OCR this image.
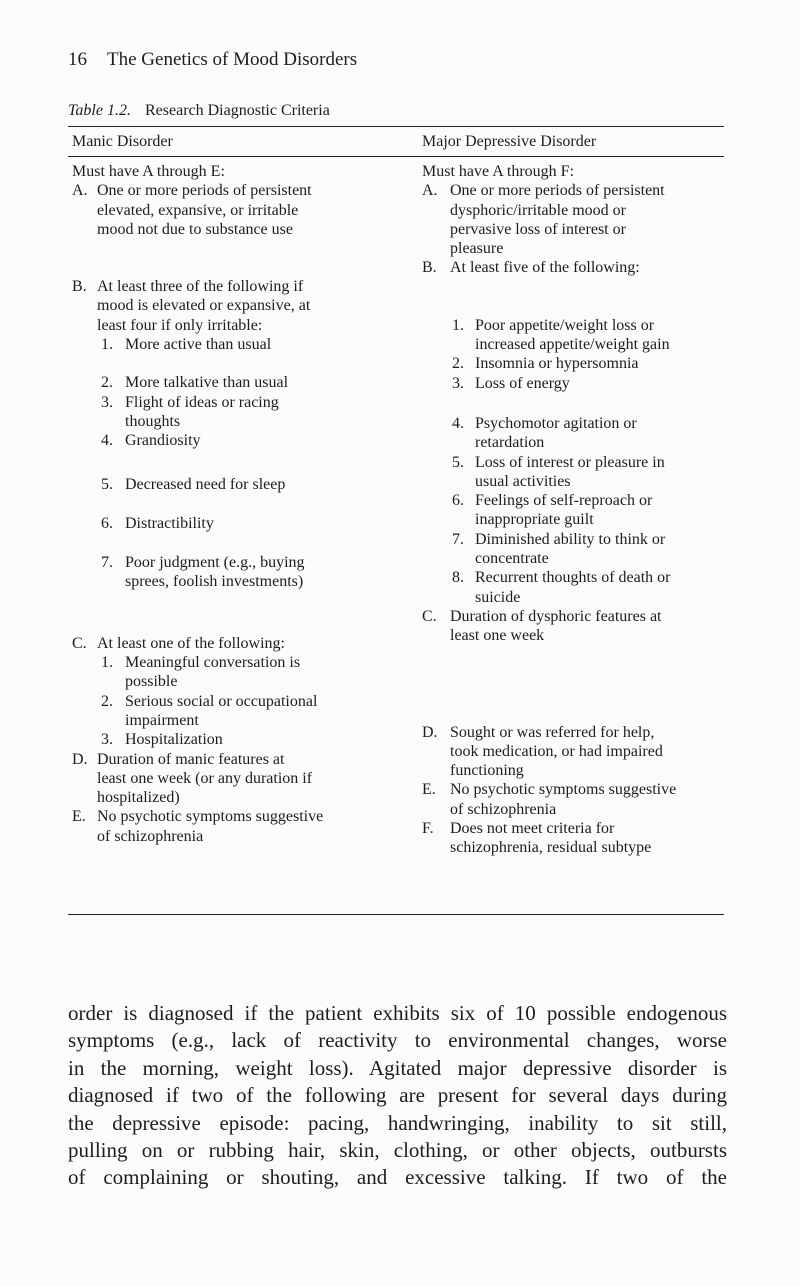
16 The Genetics of Mood Disorders
Table 1.2. Research Diagnostic Criteria
Manic Disorder	Major Depressive Disorder
Must have A through E:
A. One or more periods of persistent
elevated, expansive, or irritable
mood not due to substance use
B. At least three of the following if
mood is elevated or expansive, at
least four if only irritable:
1. More active than usual
2. More talkative than usual
3. Flight of ideas or racing
thoughts
4. Grandiosity
5. Decreased need for sleep
6. Distractibility
7. Poor judgment (e.g., buying
sprees, foolish investments)
C. At least one of the following:
1. Meaningful conversation is
possible
2. Serious social or occupational
impairment
3. Hospitalization
D. Duration of manic features at
least one week (or any duration if
hospitalized)
E. No psychotic symptoms suggestive
of schizophrenia
Must have A through F:
A. One or more periods of persistent
dysphoric/irritable mood or
pervasive loss of interest or
pleasure
B. At least five of the following:
1. Poor appetite/weight loss or
increased appetite/weight gain
2. Insomnia or hypersomnia
3. Loss of energy
4. Psychomotor agitation or
retardation
5. Loss of interest or pleasure in
usual activities
6. Feelings of self-reproach or
inappropriate guilt
7. Diminished ability to think or
concentrate
8. Recurrent thoughts of death or
suicide
C. Duration of dysphoric features at
least one week
D. Sought or was referred for help,
took medication, or had impaired
functioning
E. No psychotic symptoms suggestive
of schizophrenia
F. Does not meet criteria for
schizophrenia, residual subtype
order is diagnosed if the patient exhibits six of 10 possible endogenous
symptoms (e.g., lack of reactivity to environmental changes, worse
in the morning, weight loss). Agitated major depressive disorder is
diagnosed if two of the following are present for several days during
the depressive episode: pacing, handwringing, inability to sit still,
pulling on or rubbing hair, skin, clothing, or other objects, outbursts
of complaining or shouting, and excessive talking. If two of the
